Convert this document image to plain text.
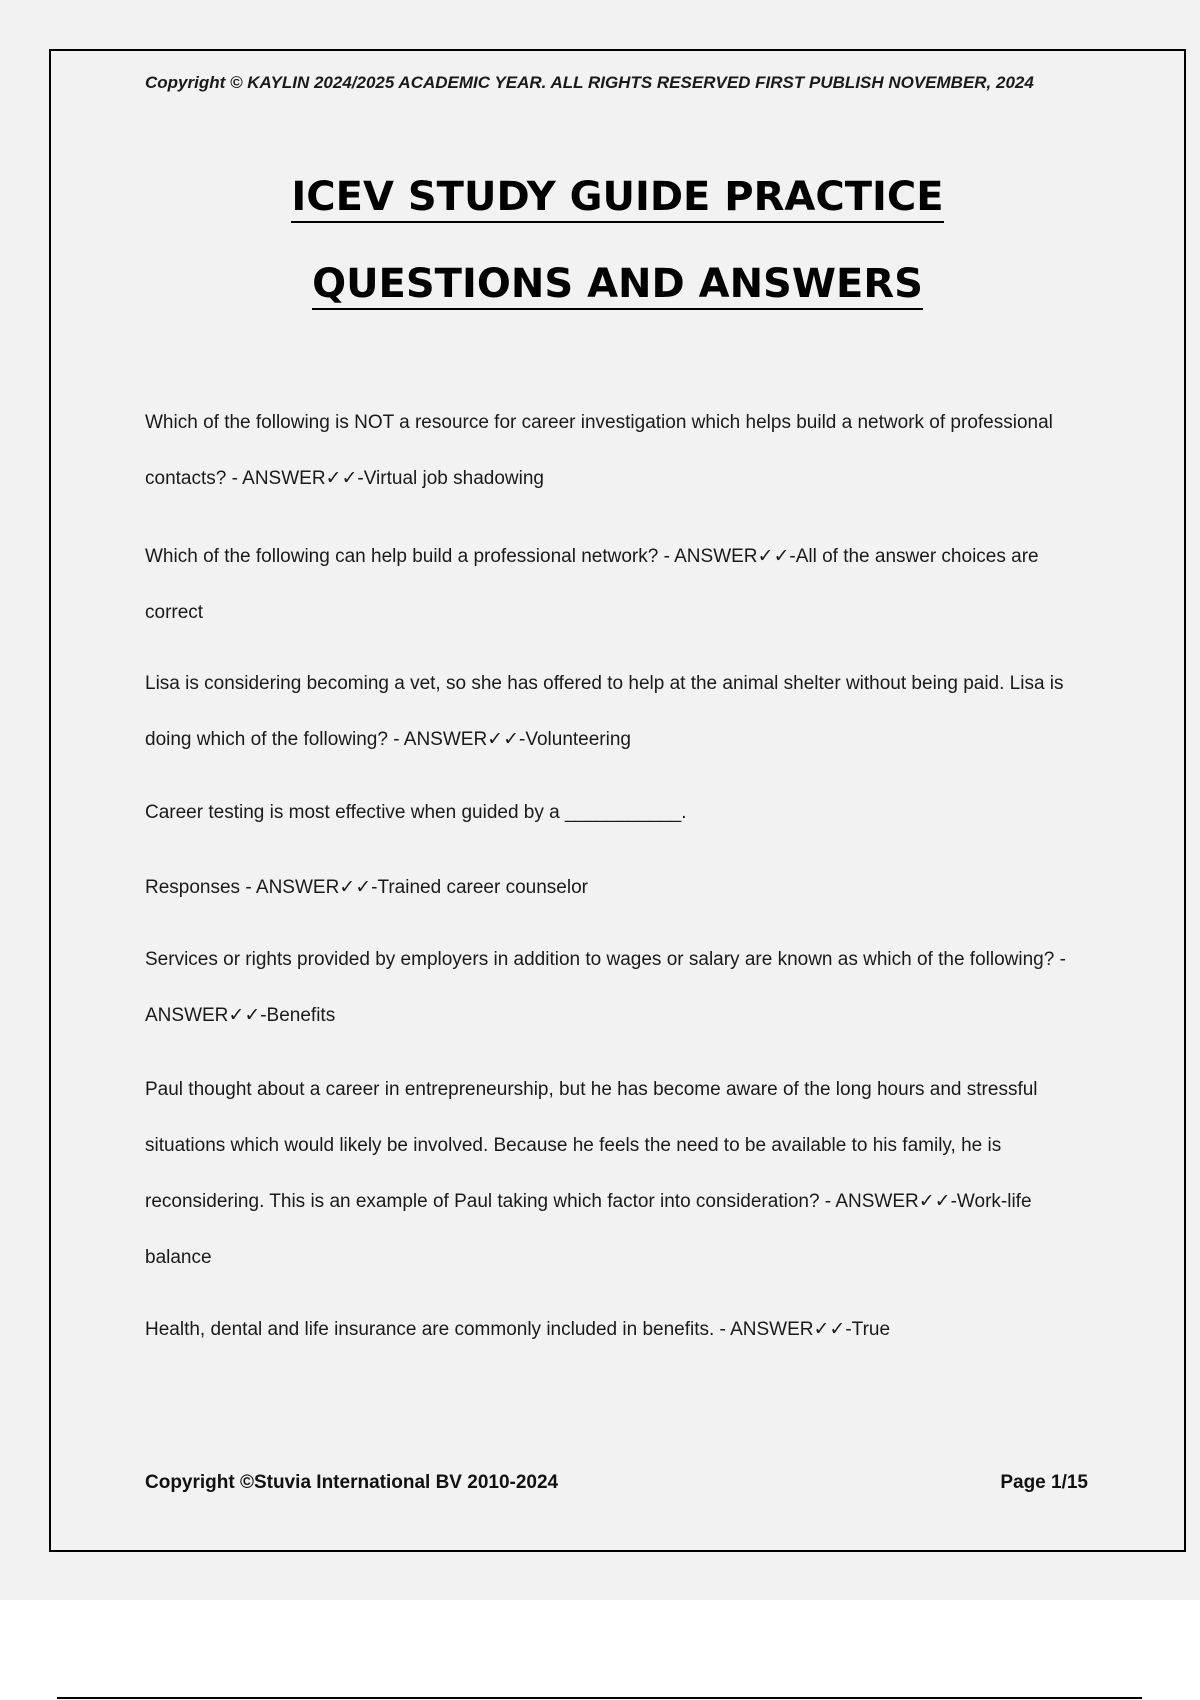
Copyright © KAYLIN 2024/2025 ACADEMIC YEAR. ALL RIGHTS RESERVED FIRST PUBLISH NOVEMBER, 2024
ICEV STUDY GUIDE PRACTICE
QUESTIONS AND ANSWERS
Which of the following is NOT a resource for career investigation which helps build a network of professional contacts? - ANSWER✓✓-Virtual job shadowing
Which of the following can help build a professional network? - ANSWER✓✓-All of the answer choices are correct
Lisa is considering becoming a vet, so she has offered to help at the animal shelter without being paid. Lisa is doing which of the following? - ANSWER✓✓-Volunteering
Career testing is most effective when guided by a ___________.
Responses - ANSWER✓✓-Trained career counselor
Services or rights provided by employers in addition to wages or salary are known as which of the following? - ANSWER✓✓-Benefits
Paul thought about a career in entrepreneurship, but he has become aware of the long hours and stressful situations which would likely be involved. Because he feels the need to be available to his family, he is reconsidering. This is an example of Paul taking which factor into consideration? - ANSWER✓✓-Work-life balance
Health, dental and life insurance are commonly included in benefits. - ANSWER✓✓-True
Copyright ©Stuvia International BV 2010-2024	Page 1/15
